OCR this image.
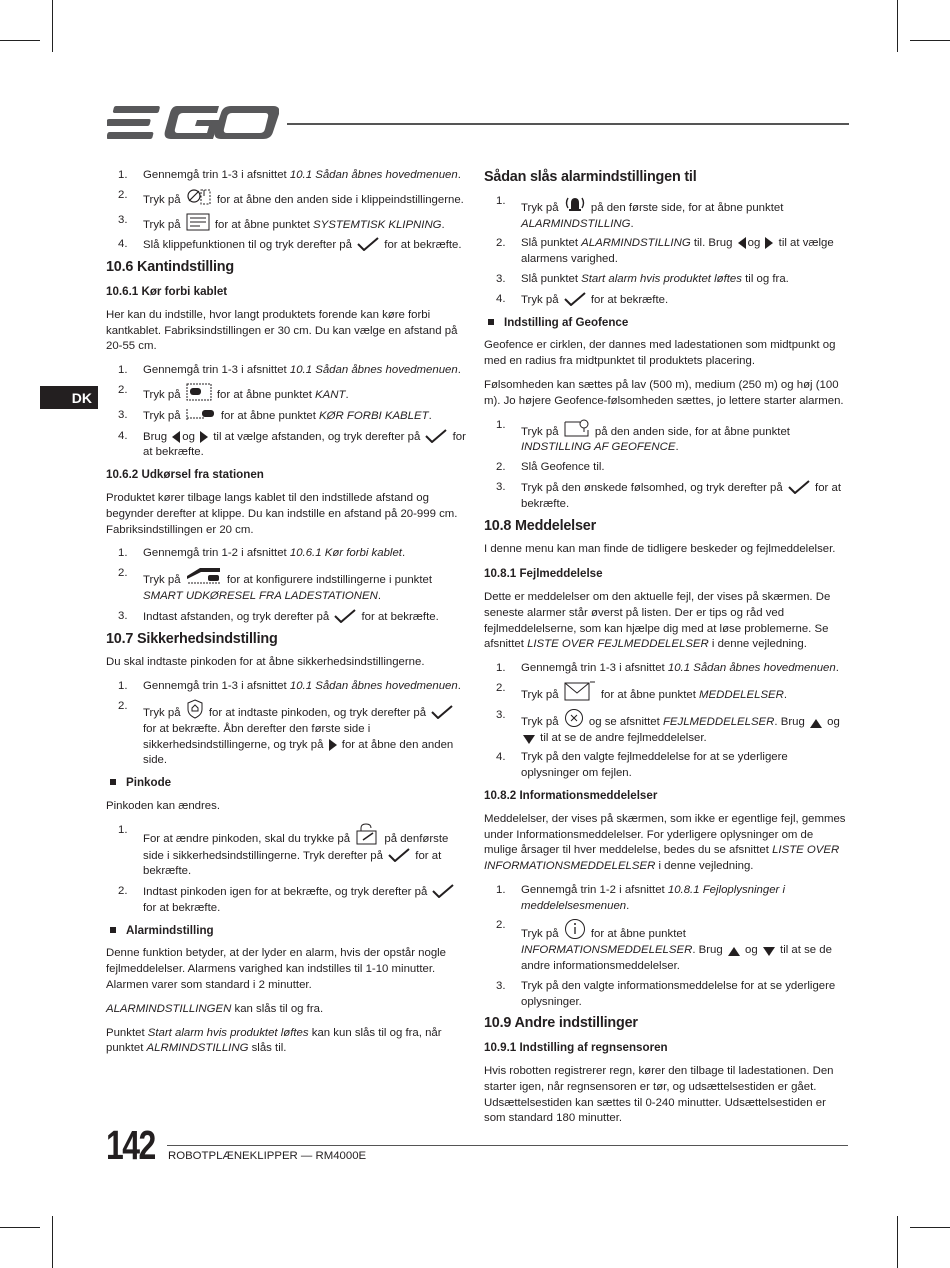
DK
1. Gennemgå trin 1-3 i afsnittet 10.1 Sådan åbnes hovedmenuen.
2. Tryk på	for at åbne den anden side i klippeindstillingerne.
3. Tryk på
for at åbne punktet SYSTEMTISK KLIPNING.
4. Slå klippefunktionen til og tryk derefter på
for at bekræfte.
10.6 Kantindstilling
10.6.1 Kør forbi kablet

Her kan du indstille, hvor langt produktets forende kan køre forbi kantkablet. Fabriksindstillingen er 30 cm. Du kan vælge en afstand på 20-55 cm.

1. Gennemgå trin 1-3 i afsnittet 10.1 Sådan åbnes hovedmenuen.
2. Tryk på	for at åbne punktet KANT.
3. Tryk på	for at åbne punktet KØR FORBI KABLET.
4. Brug
og
til at vælge afstanden, og tryk derefter på
for at bekræfte.
10.6.2 Udkørsel fra stationen

Produktet kører tilbage langs kablet til den indstillede afstand og begynder derefter at klippe. Du kan indstille en afstand på 20-999 cm. Fabriksindstillingen er 20 cm.

1. Gennemgå trin 1-2 i afsnittet 10.6.1 Kør forbi kablet.
2.
Tryk på	for at konfigurere indstillingerne i punktet SMART UDKØRESEL FRA LADESTATIONEN.
3. Indtast afstanden, og tryk derefter på
for at bekræfte.
10.7 Sikkerhedsindstilling

Du skal indtaste pinkoden for at åbne sikkerhedsindstillingerne.

1. Gennemgå trin 1-3 i afsnittet 10.1 Sådan åbnes hovedmenuen.
2.
Tryk på
for at indtaste pinkoden, og tryk derefter på
for at bekræfte. Åbn derefter den første side i sikkerhedsindstillingerne, og tryk på
for at åbne den anden side.
Pinkode

Pinkoden kan ændres.

1.
For at ændre pinkoden, skal du trykke på
på denførste side i sikkerhedsindstillingerne. Tryk derefter på
for at bekræfte.
2. Indtast pinkoden igen for at bekræfte, og tryk derefter på
for at bekræfte.
Alarmindstilling

Denne funktion betyder, at der lyder en alarm, hvis der opstår nogle fejlmeddelelser. Alarmens varighed kan indstilles til 1-10 minutter. Alarmen varer som standard i 2 minutter.

ALARMINDSTILLINGEN kan slås til og fra.

Punktet Start alarm hvis produktet løftes kan kun slås til og fra, når punktet ALRMINDSTILLING slås til.

Sådan slås alarmindstillingen til
1.
Tryk på
på den første side, for at åbne punktet ALARMINDSTILLING.
2. Slå punktet ALARMINDSTILLING til. Brug
og
til at vælge alarmens varighed.
3. Slå punktet Start alarm hvis produktet løftes til og fra.
4. Tryk på
for at bekræfte.
Indstilling af Geofence

Geofence er cirklen, der dannes med ladestationen som midtpunkt og med en radius fra midtpunktet til produktets placering.

Følsomheden kan sættes på lav (500 m), medium (250 m) og høj (100 m). Jo højere Geofence-følsomheden sættes, jo lettere starter alarmen.

1.
Tryk på	på den anden side, for at åbne punktet INDSTILLING AF GEOFENCE.
2. Slå Geofence til.
3. Tryk på den ønskede følsomhed, og tryk derefter på
for at bekræfte.
10.8 Meddelelser

I denne menu kan man finde de tidligere beskeder og fejlmeddelelser.

10.8.1 Fejlmeddelelse

Dette er meddelelser om den aktuelle fejl, der vises på skærmen. De seneste alarmer står øverst på listen. Der er tips og råd ved fejlmeddelelserne, som kan hjælpe dig med at løse problemerne. Se afsnittet LISTE OVER FEJLMEDDELELSER i denne vejledning.

1. Gennemgå trin 1-3 i afsnittet 10.1 Sådan åbnes hovedmenuen.
2.
Tryk på	for at åbne punktet MEDDELELSER.
3.
Tryk på
og se afsnittet FEJLMEDDELELSER. Brug
og
til at se de andre fejlmeddelelser.
4. Tryk på den valgte fejlmeddelelse for at se yderligere oplysninger om fejlen.
10.8.2 Informationsmeddelelser

Meddelelser, der vises på skærmen, som ikke er egentlige fejl, gemmes under Informationsmeddelelser. For yderligere oplysninger om de mulige årsager til hver meddelelse, bedes du se afsnittet LISTE OVER INFORMATIONSMEDDELELSER i denne vejledning.

1. Gennemgå trin 1-2 i afsnittet 10.8.1 Fejloplysninger i meddelelsesmenuen.
2.
Tryk på
for at åbne punktet INFORMATIONSMEDDELELSER. Brug
og
til at se de andre informationsmeddelelser.
3. Tryk på den valgte informationsmeddelelse for at se yderligere oplysninger.
10.9 Andre indstillinger
10.9.1 Indstilling af regnsensoren

Hvis robotten registrerer regn, kører den tilbage til ladestationen. Den starter igen, når regnsensoren er tør, og udsættelsestiden er gået. Udsættelsestiden kan sættes til 0-240 minutter. Udsættelsestiden er som standard 180 minutter.

142 ROBOTPLÆNEKLIPPER — RM4000E
